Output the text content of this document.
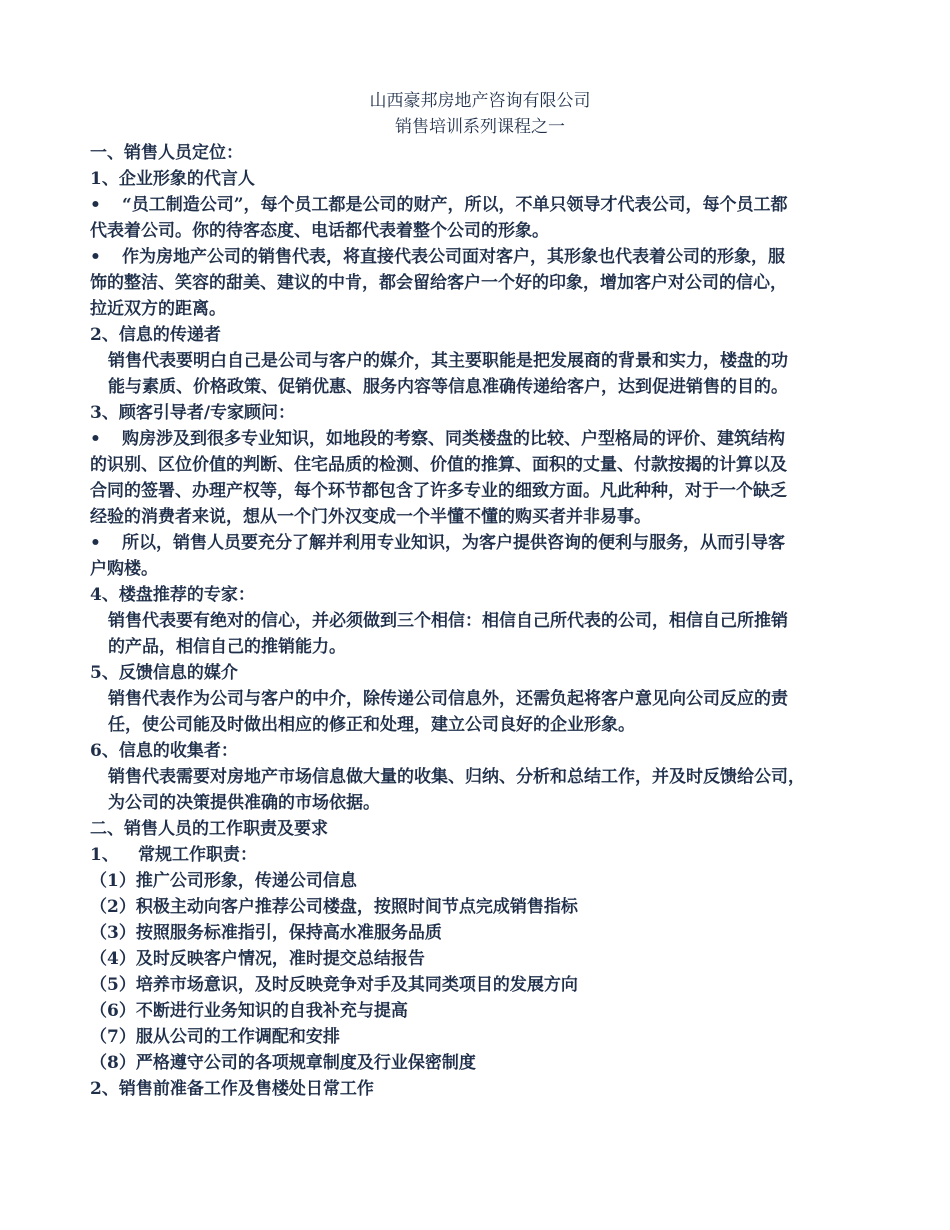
山西豪邦房地产咨询有限公司
销售培训系列课程之一
一、销售人员定位：
1、企业形象的代言人
•	“员工制造公司”，每个员工都是公司的财产，所以，不单只领导才代表公司，每个员工都
代表着公司。你的待客态度、电话都代表着整个公司的形象。
•	作为房地产公司的销售代表，将直接代表公司面对客户，其形象也代表着公司的形象，服
饰的整洁、笑容的甜美、建议的中肯，都会留给客户一个好的印象，增加客户对公司的信心，
拉近双方的距离。
2、信息的传递者
销售代表要明白自己是公司与客户的媒介，其主要职能是把发展商的背景和实力，楼盘的功
能与素质、价格政策、促销优惠、服务内容等信息准确传递给客户，达到促进销售的目的。
3、顾客引导者/专家顾问：
•	购房涉及到很多专业知识，如地段的考察、同类楼盘的比较、户型格局的评价、建筑结构
的识别、区位价值的判断、住宅品质的检测、价值的推算、面积的丈量、付款按揭的计算以及
合同的签署、办理产权等，每个环节都包含了许多专业的细致方面。凡此种种，对于一个缺乏
经验的消费者来说，想从一个门外汉变成一个半懂不懂的购买者并非易事。
•	所以，销售人员要充分了解并利用专业知识，为客户提供咨询的便利与服务，从而引导客
户购楼。
4、楼盘推荐的专家：
销售代表要有绝对的信心，并必须做到三个相信：相信自己所代表的公司，相信自己所推销
的产品，相信自己的推销能力。
5、反馈信息的媒介
销售代表作为公司与客户的中介，除传递公司信息外，还需负起将客户意见向公司反应的责
任，使公司能及时做出相应的修正和处理，建立公司良好的企业形象。
6、信息的收集者：
销售代表需要对房地产市场信息做大量的收集、归纳、分析和总结工作，并及时反馈给公司，
为公司的决策提供准确的市场依据。
二、销售人员的工作职责及要求
1、	常规工作职责：
（1） 推广公司形象，传递公司信息
（2） 积极主动向客户推荐公司楼盘，按照时间节点完成销售指标
（3） 按照服务标准指引，保持高水准服务品质
（4） 及时反映客户情况，准时提交总结报告
（5） 培养市场意识，及时反映竞争对手及其同类项目的发展方向
（6） 不断进行业务知识的自我补充与提高
（7） 服从公司的工作调配和安排
（8） 严格遵守公司的各项规章制度及行业保密制度
2、销售前准备工作及售楼处日常工作
